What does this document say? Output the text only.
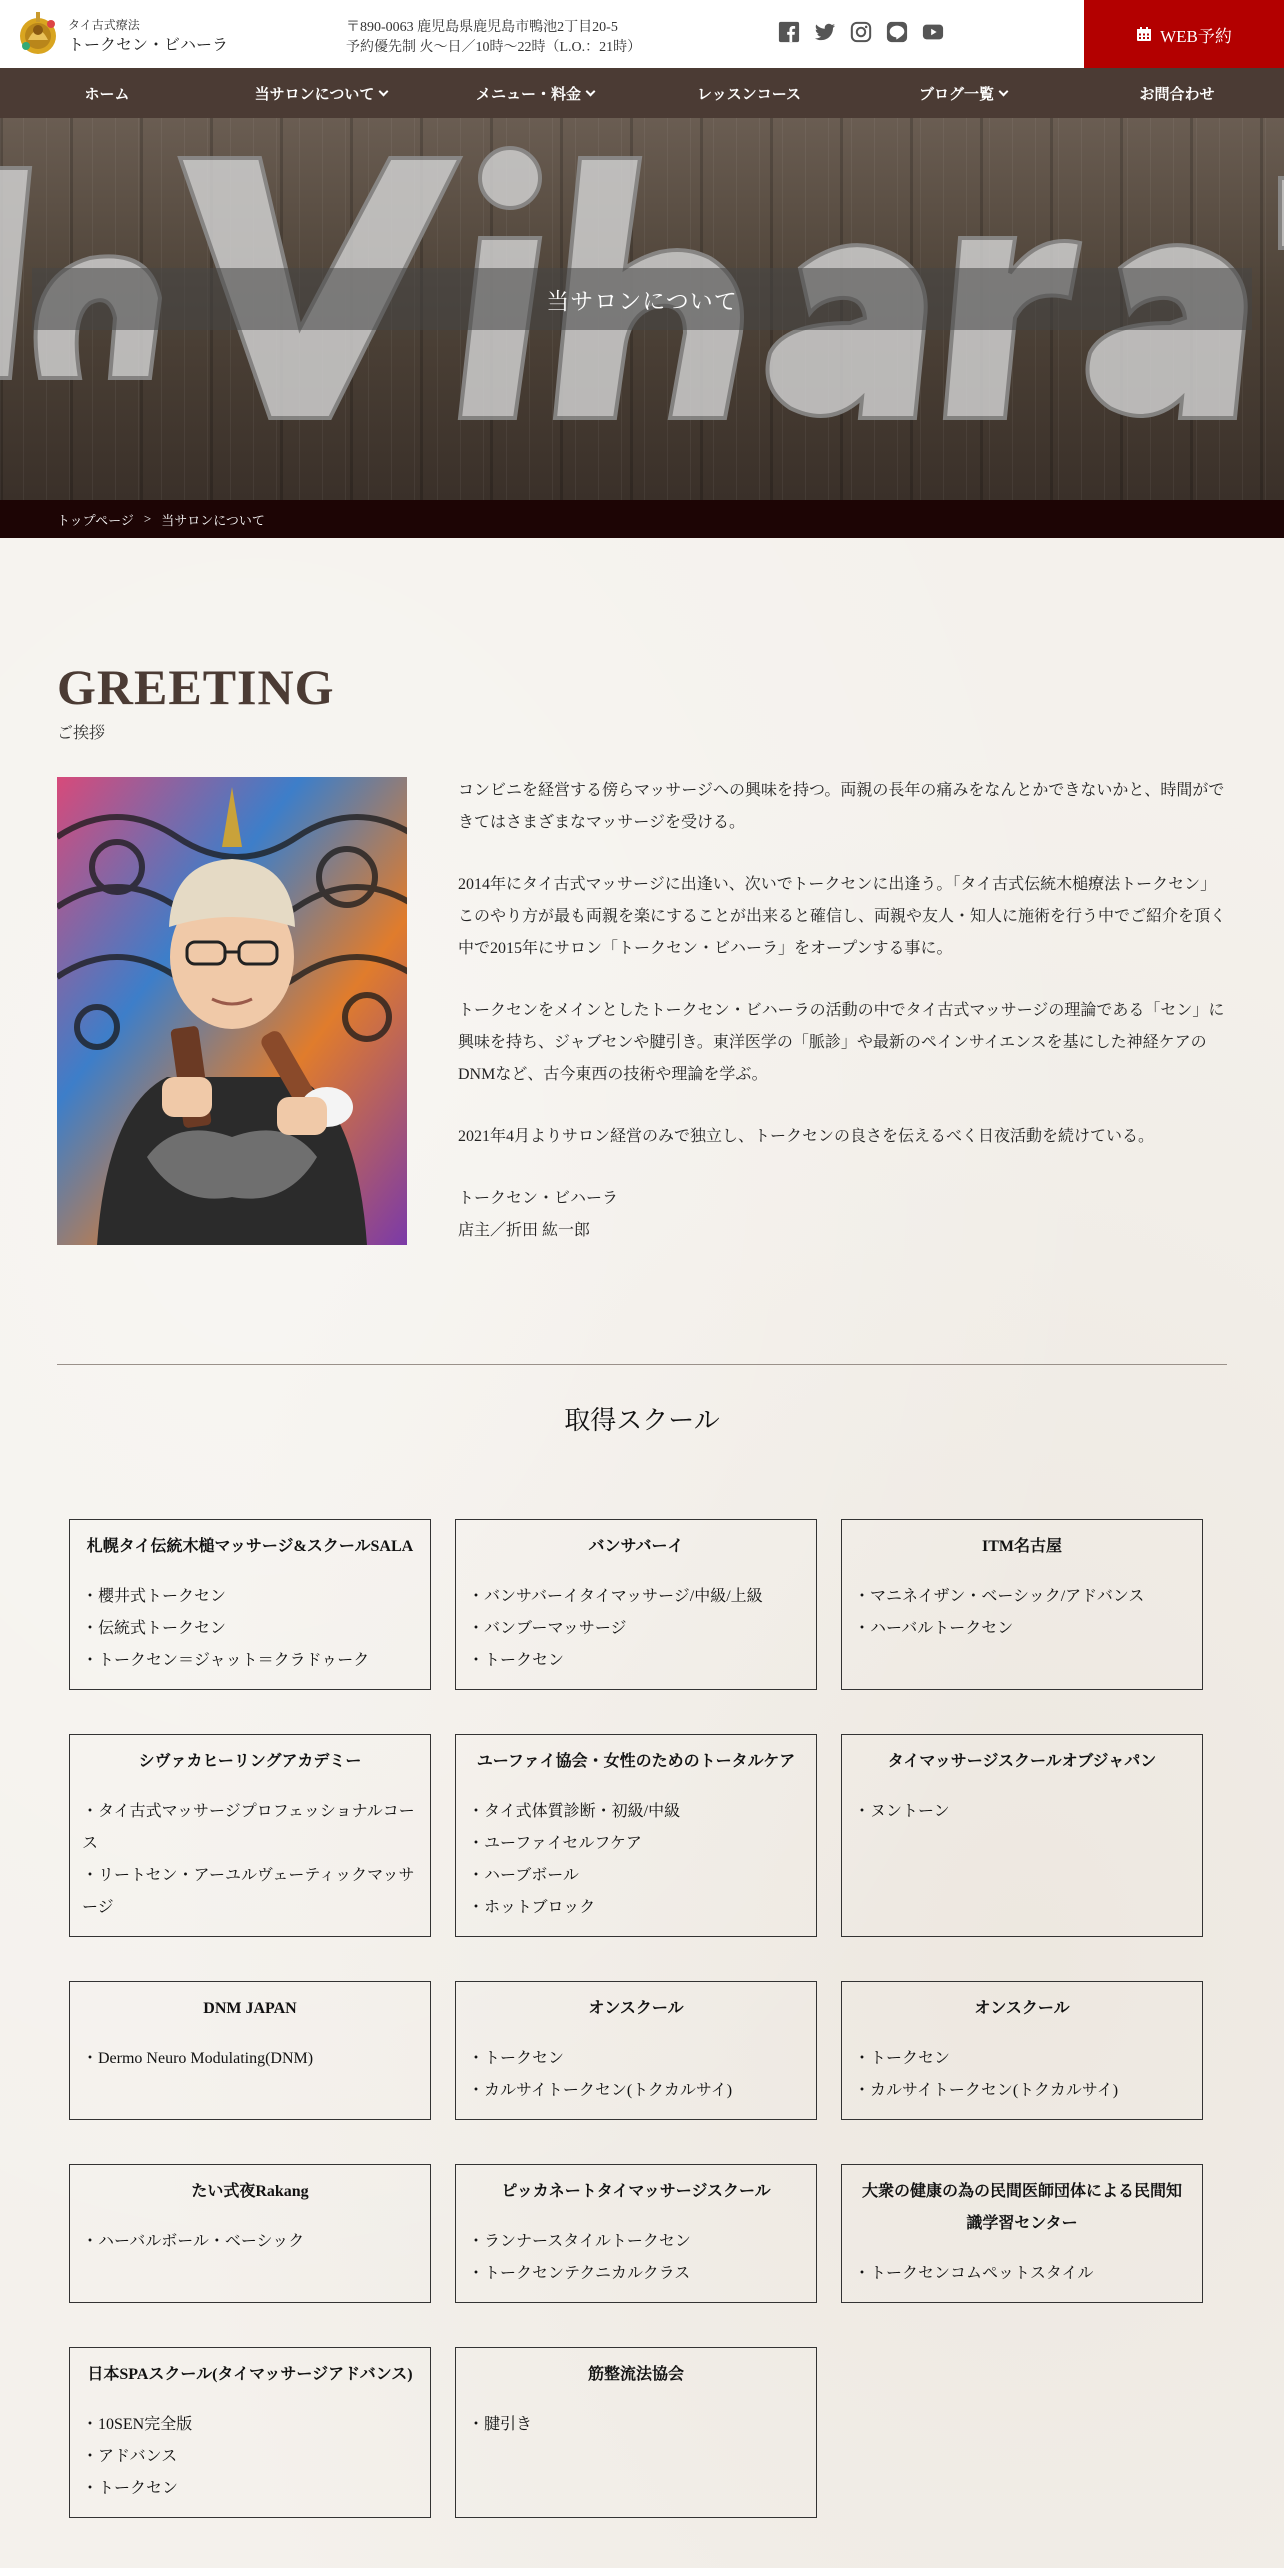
タイ古式療法
トークセン・ビハーラ
〒890-0063 鹿児島県鹿児島市鴨池2丁目20-5
予約優先制 火～日／10時～22時（L.O.：21時）
WEB予約
ホーム	当サロンについて	メニュー・料金	レッスンコース	ブログ一覧	お問合わせ
当サロンについて
トップページ > 当サロンについて
GREETING
ご挨拶

コンビニを経営する傍らマッサージへの興味を持つ。両親の長年の痛みをなんとかできないかと、時間ができてはさまざまなマッサージを受ける。

2014年にタイ古式マッサージに出逢い、次いでトークセンに出逢う。「タイ古式伝統木槌療法トークセン」このやり方が最も両親を楽にすることが出来ると確信し、両親や友人・知人に施術を行う中でご紹介を頂く中で2015年にサロン「トークセン・ビハーラ」をオープンする事に。

トークセンをメインとしたトークセン・ビハーラの活動の中でタイ古式マッサージの理論である「セン」に興味を持ち、ジャブセンや腱引き。東洋医学の「脈診」や最新のペインサイエンスを基にした神経ケアのDNMなど、古今東西の技術や理論を学ぶ。

2021年4月よりサロン経営のみで独立し、トークセンの良さを伝えるべく日夜活動を続けている。

トークセン・ビハーラ

店主／折田 紘一郎

取得スクール
札幌タイ伝統木槌マッサージ&スクールSALA
・櫻井式トークセン
・伝統式トークセン
・トークセン＝ジャット＝クラドゥーク
バンサバーイ
・バンサバーイタイマッサージ/中級/上級
・バンブーマッサージ
・トークセン
ITM名古屋
・マニネイザン・ベーシック/アドバンス
・ハーバルトークセン
シヴァカヒーリングアカデミー
・タイ古式マッサージプロフェッショナルコース
・リートセン・アーユルヴェーティックマッサージ
ユーファイ協会・女性のためのトータルケア
・タイ式体質診断・初級/中級
・ユーファイセルフケア
・ハーブボール
・ホットブロック
タイマッサージスクールオブジャパン
・ヌントーン
DNM JAPAN
・Dermo Neuro Modulating(DNM)
オンスクール
・トークセン
・カルサイトークセン(トクカルサイ)
オンスクール
・トークセン
・カルサイトークセン(トクカルサイ)
たい式夜Rakang
・ハーバルボール・ベーシック
ピッカネートタイマッサージスクール
・ランナースタイルトークセン
・トークセンテクニカルクラス
大衆の健康の為の民間医師団体による民間知識学習センター
・トークセンコムペットスタイル
日本SPAスクール(タイマッサージアドバンス)
・10SEN完全版
・アドバンス
・トークセン
筋整流法協会
・腱引き
